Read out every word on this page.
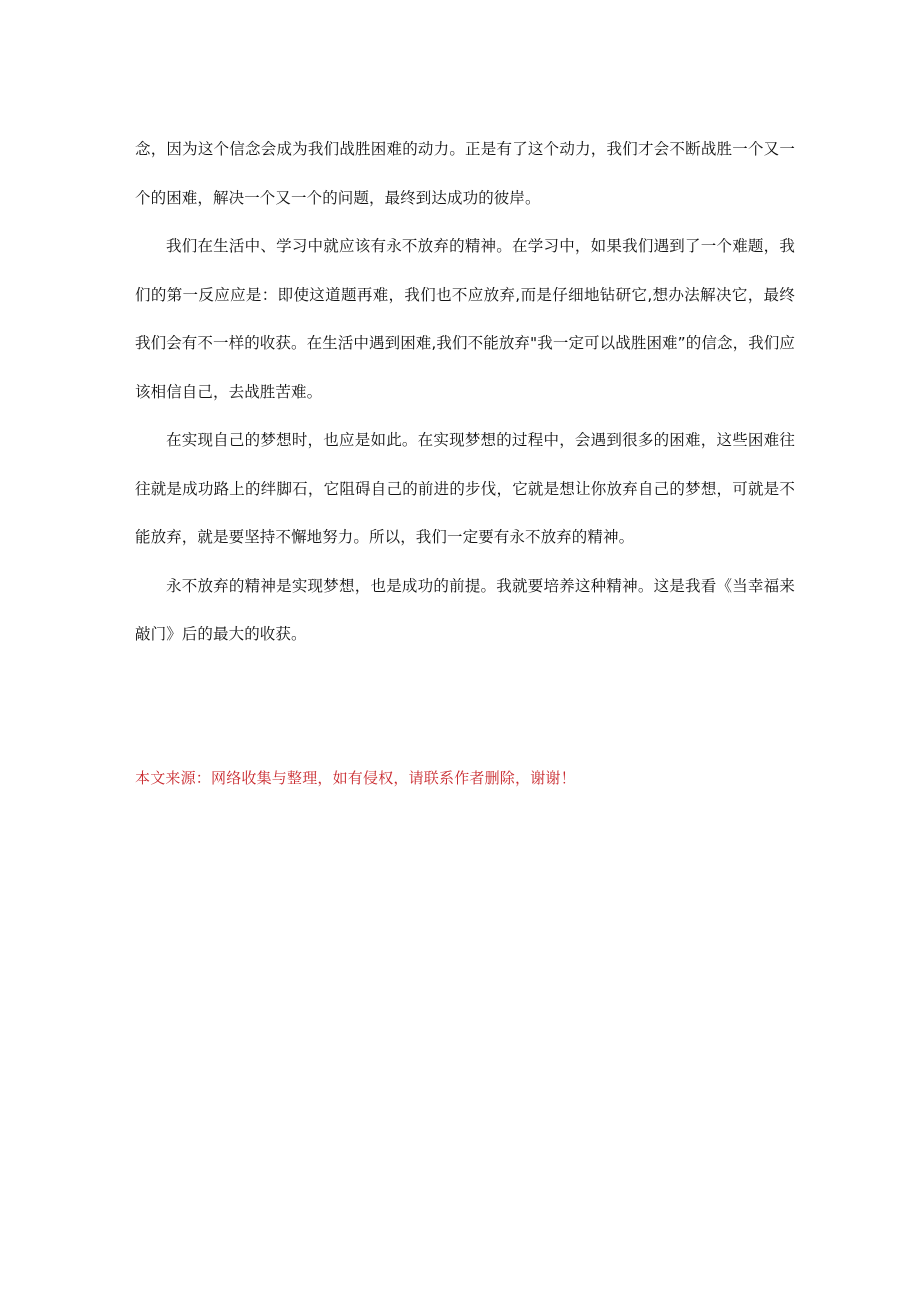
念，因为这个信念会成为我们战胜困难的动力。正是有了这个动力，我们才会不断战胜一个又一个的困难，解决一个又一个的问题，最终到达成功的彼岸。

我们在生活中、学习中就应该有永不放弃的精神。在学习中，如果我们遇到了一个难题，我们的第一反应应是：即使这道题再难，我们也不应放弃,而是仔细地钻研它,想办法解决它，最终我们会有不一样的收获。在生活中遇到困难,我们不能放弃"我一定可以战胜困难”的信念，我们应该相信自己，去战胜苦难。

在实现自己的梦想时，也应是如此。在实现梦想的过程中，会遇到很多的困难，这些困难往往就是成功路上的绊脚石，它阻碍自己的前进的步伐，它就是想让你放弃自己的梦想，可就是不能放弃，就是要坚持不懈地努力。所以，我们一定要有永不放弃的精神。

永不放弃的精神是实现梦想，也是成功的前提。我就要培养这种精神。这是我看《当幸福来敲门》后的最大的收获。

本文来源：网络收集与整理，如有侵权，请联系作者删除，谢谢！
